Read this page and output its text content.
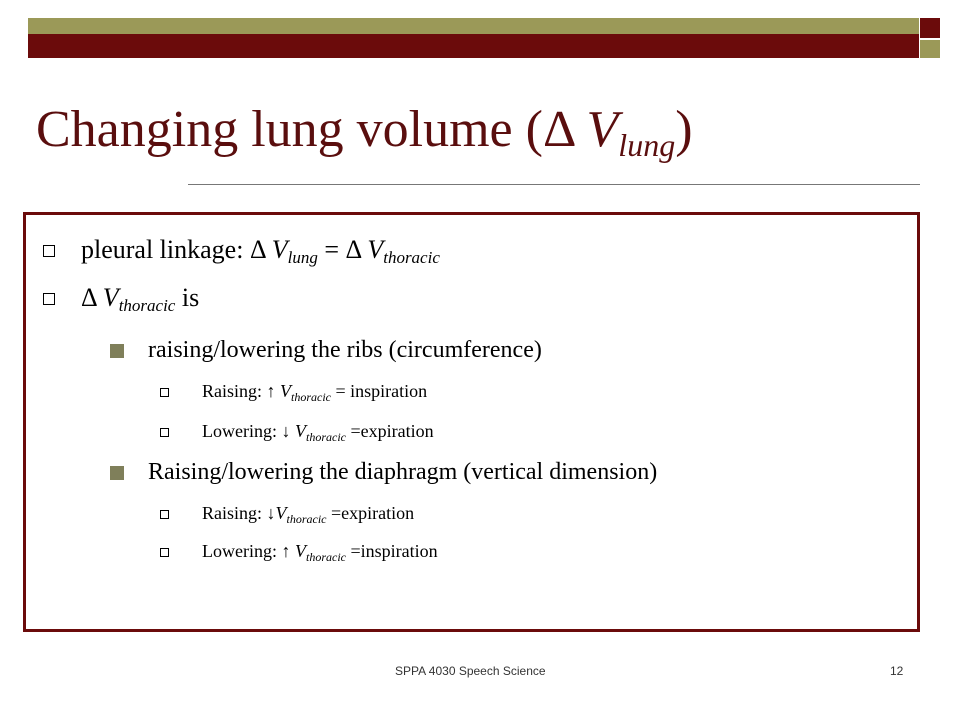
Changing lung volume (Δ $V_{lung}$)
pleural linkage: Δ $V_{lung} = \Delta$ $V_{thoracic}$
Δ $V_{thoracic}$ is
raising/lowering the ribs (circumference)
Raising: ↑ $V_{thoracic}$ = inspiration
Lowering: ↓ $V_{thoracic}$ =expiration
Raising/lowering the diaphragm (vertical dimension)
Raising: $↓V_{thoracic}$ =expiration
Lowering: ↑ $V_{thoracic}$ =inspiration
SPPA 4030 Speech Science	12
